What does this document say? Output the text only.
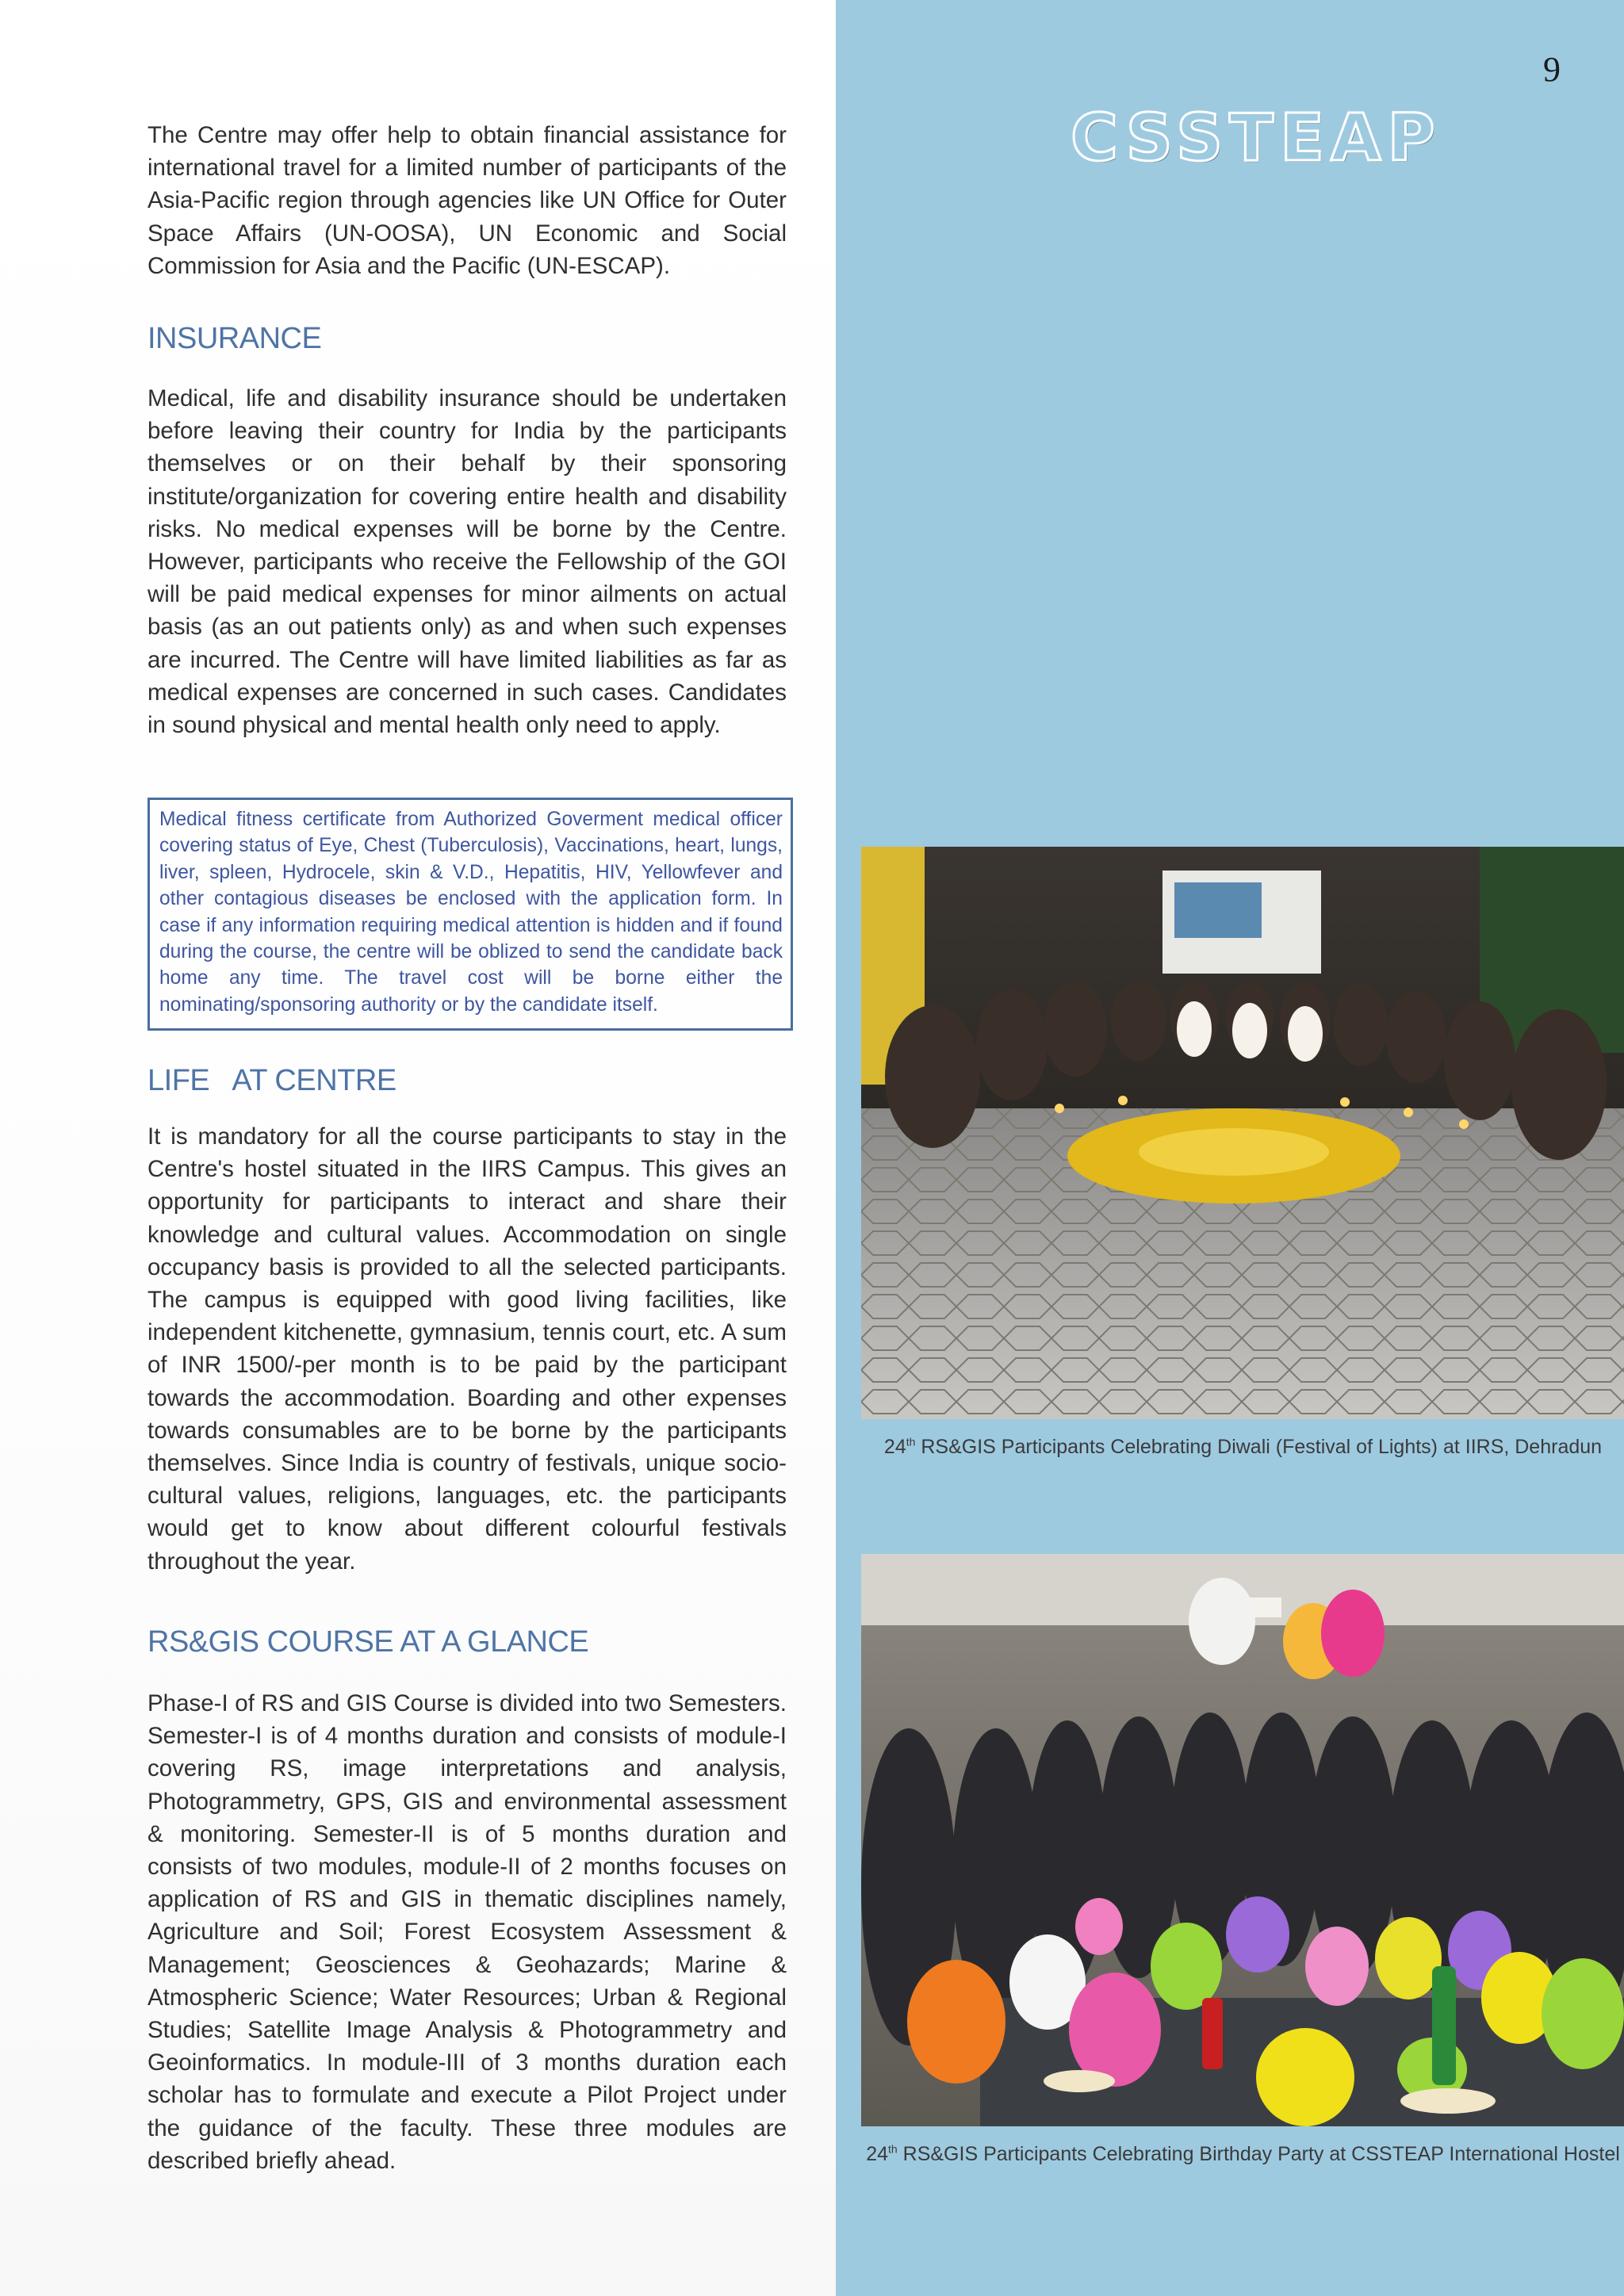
9
CSSTEAP
The Centre may offer help to obtain financial assistance for international travel for a limited number of participants of the Asia-Pacific region through agencies like UN Office for Outer Space Affairs (UN-OOSA), UN Economic and Social Commission for Asia and the Pacific (UN-ESCAP).
INSURANCE
Medical, life and disability insurance should be undertaken before leaving their country for India by the participants themselves or on their behalf by their sponsoring institute/organization for covering entire health and disability risks. No medical expenses will be borne by the Centre. However, participants who receive the Fellowship of the GOI will be paid medical expenses for minor ailments on actual basis (as an out patients only) as and when such expenses are incurred. The Centre will have limited liabilities as far as medical expenses are concerned in such cases. Candidates in sound physical and mental health only need to apply.
Medical fitness certificate from Authorized Goverment medical officer covering status of Eye, Chest (Tuberculosis), Vaccinations, heart, lungs, liver, spleen, Hydrocele, skin & V.D., Hepatitis, HIV, Yellowfever and other contagious diseases be enclosed with the application form. In case if any information requiring medical attention is hidden and if found during the course, the centre will be oblized to send the candidate back home any time. The travel cost will be borne either the nominating/sponsoring authority or by the candidate itself.
LIFE   AT CENTRE
It is mandatory for all the course participants to stay in the Centre's hostel situated in the IIRS Campus. This gives an opportunity for participants to interact and share their knowledge and cultural values. Accommodation on single occupancy basis is provided to all the selected participants. The campus is equipped with good living facilities, like independent kitchenette, gymnasium, tennis court, etc. A sum of INR 1500/-per month is to be paid by the participant towards the accommodation. Boarding and other expenses towards consumables are to be borne by the participants themselves. Since India is country of festivals, unique socio-cultural values, religions, languages, etc. the participants would get to know about different colourful festivals throughout the year.
RS&GIS COURSE AT A GLANCE
Phase-I of RS and GIS Course is divided into two Semesters. Semester-I is of 4 months duration and consists of module-I covering RS, image interpretations and analysis, Photogrammetry, GPS, GIS and environmental assessment & monitoring. Semester-II is of 5 months duration and consists of two modules, module-II of 2 months focuses on application of RS and GIS in thematic disciplines namely, Agriculture and Soil; Forest Ecosystem Assessment & Management; Geosciences & Geohazards; Marine & Atmospheric Science; Water Resources; Urban & Regional Studies; Satellite Image Analysis & Photogrammetry and Geoinformatics. In module-III of 3 months duration each scholar has to formulate and execute a Pilot Project under the guidance of the faculty. These three modules are described briefly ahead.
24th RS&GIS Participants Celebrating Diwali (Festival of Lights) at IIRS, Dehradun
24th RS&GIS Participants Celebrating Birthday Party at CSSTEAP International Hostel
